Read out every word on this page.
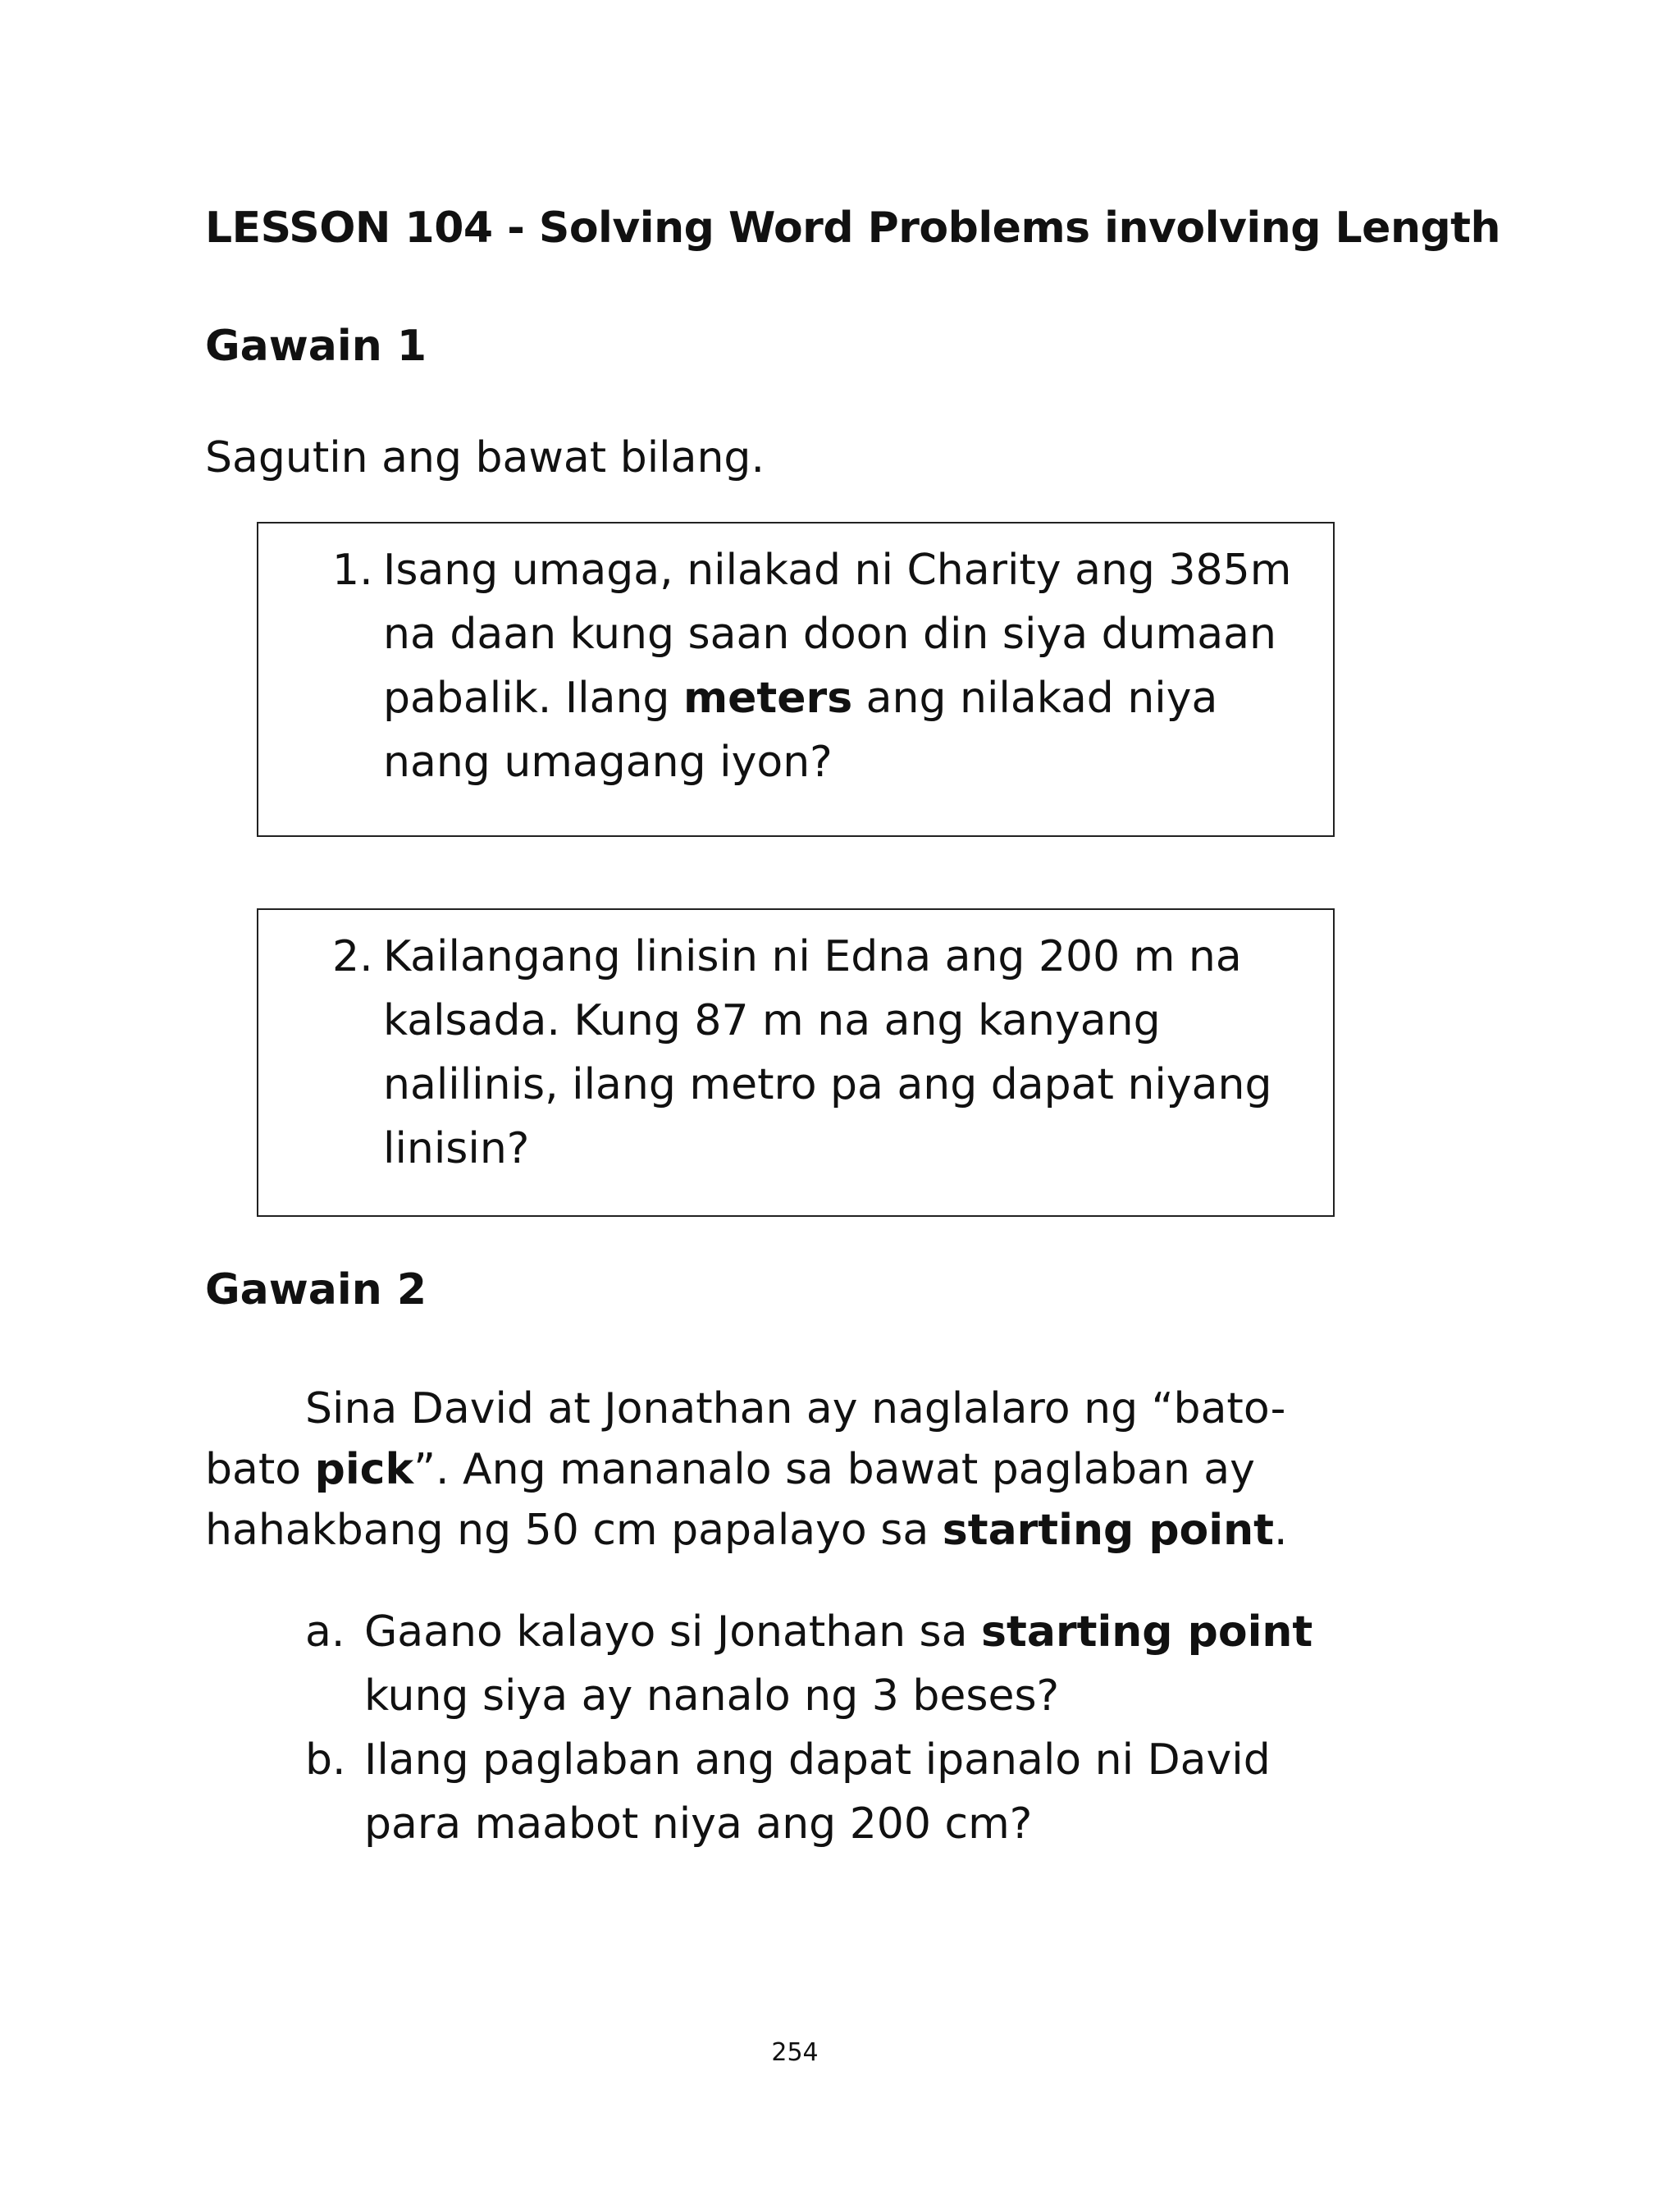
LESSON 104 - Solving Word Problems involving Length
Gawain 1

Sagutin ang bawat bilang.

1. Isang umaga, nilakad ni Charity ang 385m na daan kung saan doon din siya dumaan pabalik. Ilang meters ang nilakad niya nang umagang iyon?
2. Kailangang linisin ni Edna ang 200 m na kalsada. Kung 87 m na ang kanyang nalilinis, ilang metro pa ang dapat niyang linisin?
Gawain 2

Sina David at Jonathan ay naglalaro ng “bato-bato pick”. Ang mananalo sa bawat paglaban ay hahakbang ng 50 cm papalayo sa starting point.

a. Gaano kalayo si Jonathan sa starting point kung siya ay nanalo ng 3 beses?
b. Ilang paglaban ang dapat ipanalo ni David para maabot niya ang 200 cm?
254
